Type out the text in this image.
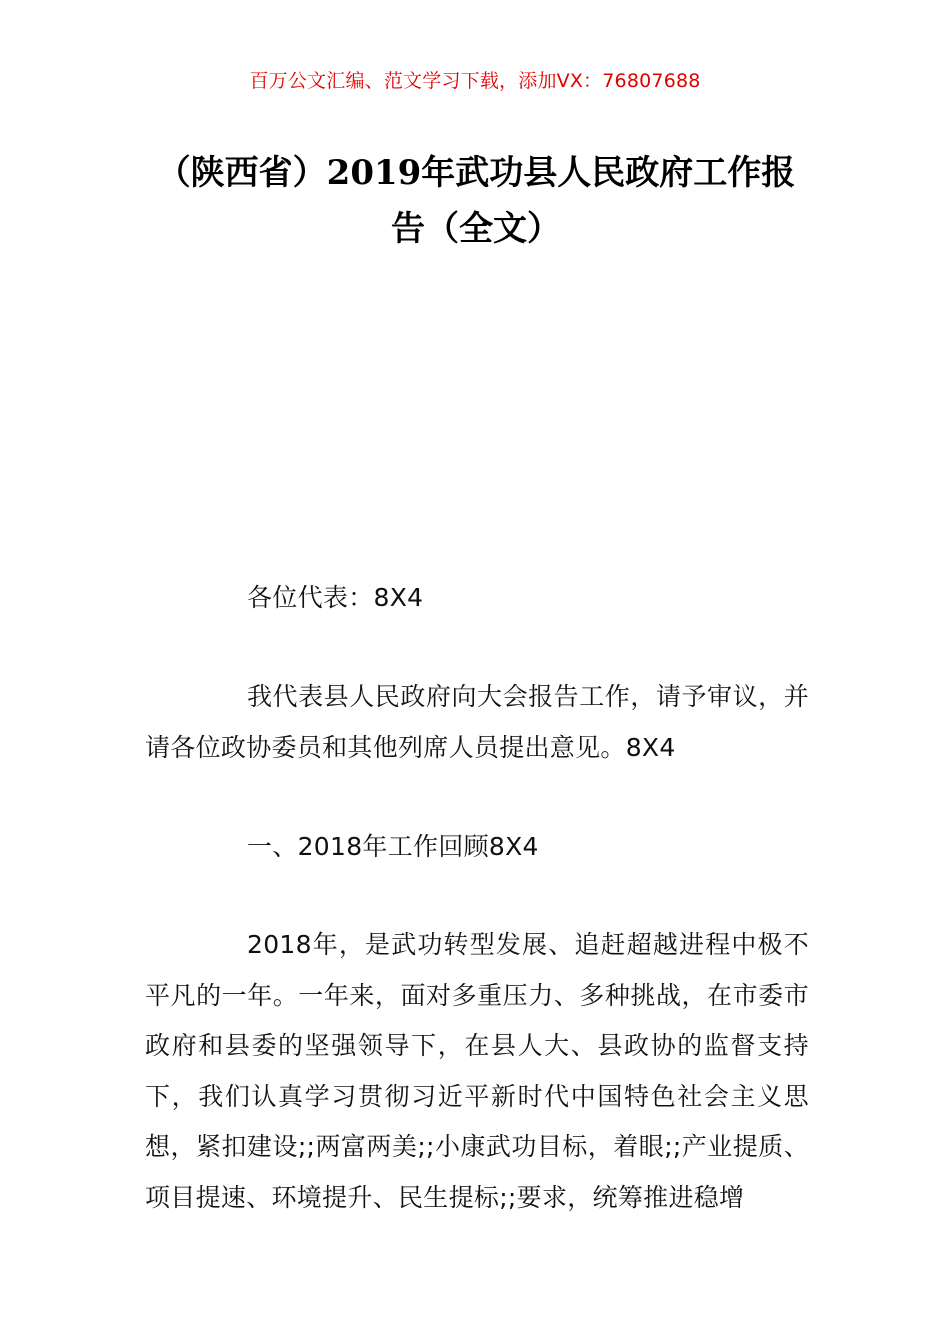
百万公文汇编、范文学习下载，添加VX：76807688
（陕西省）2019年武功县人民政府工作报
告（全文）

各位代表：8X4

我代表县人民政府向大会报告工作，请予审议，并请各位政协委员和其他列席人员提出意见。8X4

一、2018年工作回顾8X4

2018年，是武功转型发展、追赶超越进程中极不平凡的一年。一年来，面对多重压力、多种挑战，在市委市政府和县委的坚强领导下，在县人大、县政协的监督支持下，我们认真学习贯彻习近平新时代中国特色社会主义思想，紧扣建设;;两富两美;;小康武功目标，着眼;;产业提质、项目提速、环境提升、民生提标;;要求，统筹推进稳增
